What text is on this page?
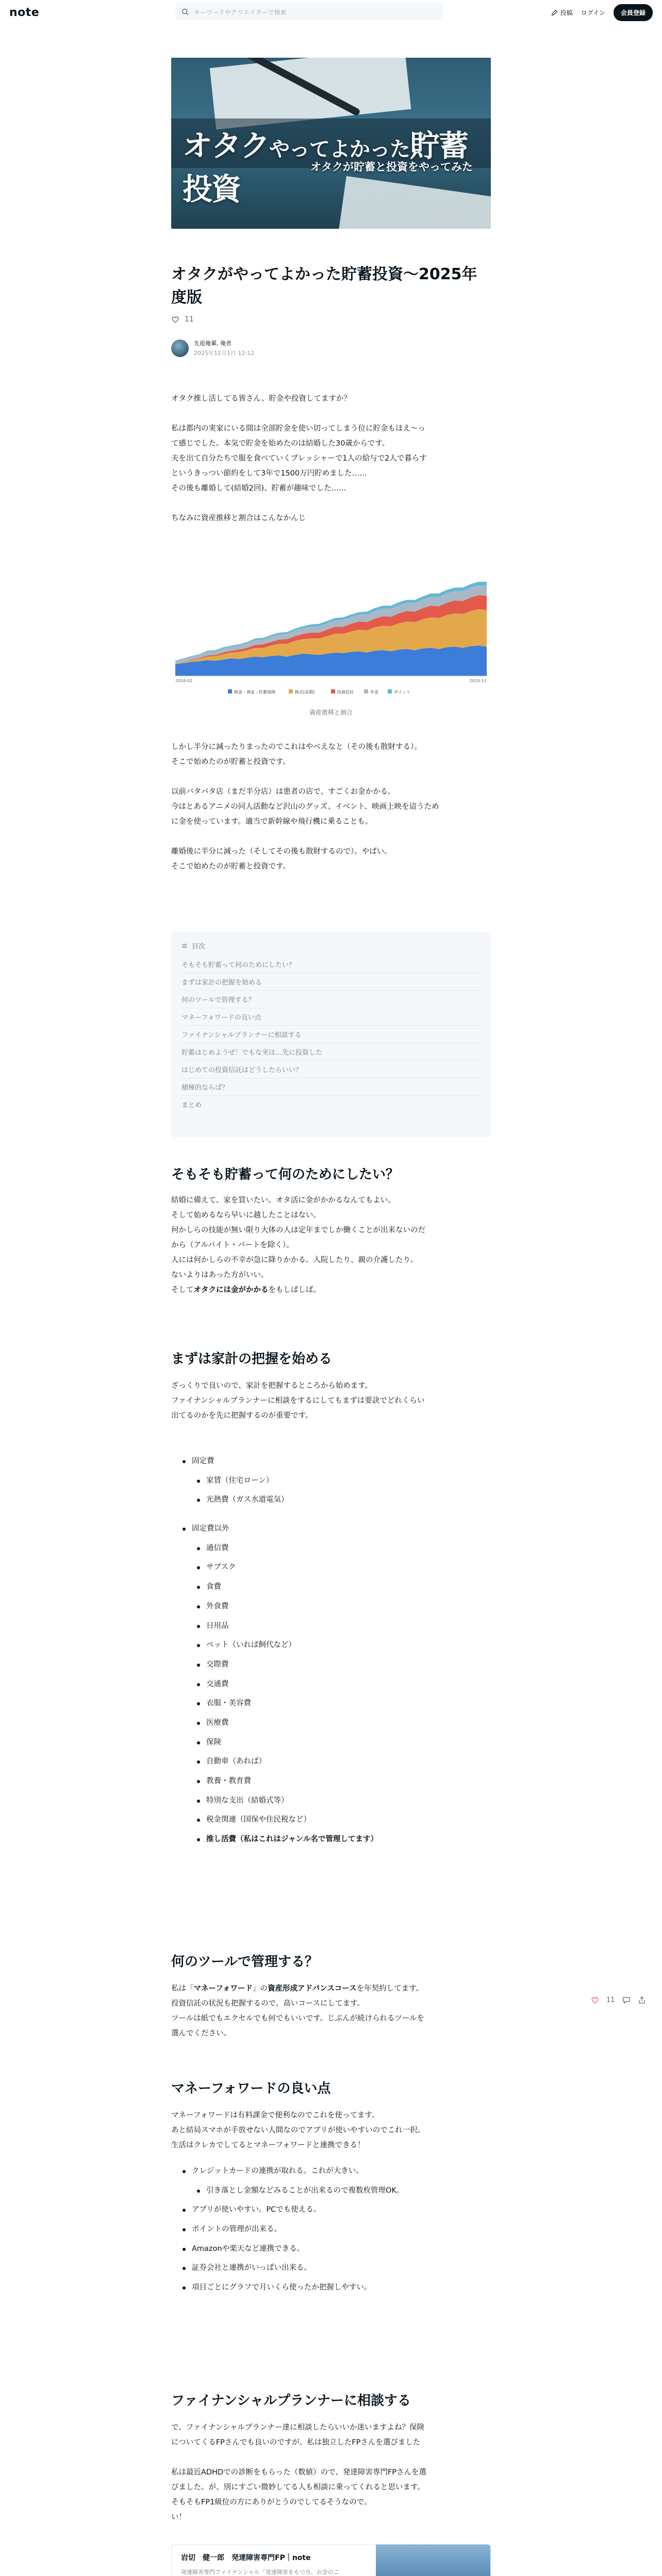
note	キーワードやクリエイターで検索	投稿 ログイン	会員登録
オタクやってよかった貯蓄投資
オタクが貯蓄と投資をやってみた
オタクがやってよかった貯蓄投資〜2025年度版
11
先祖俺輩, 俺者
2025年12月1日 12:12
オタク推し活してる皆さん、貯金や投資してますか？
私は都内の実家にいる間は全部貯金を使い切ってしまう位に貯金もほえ〜っ
て感じでした。本気で貯金を始めたのは結婚した30歳からです。
夫を出て自分たちで服を食べていくプレッシャーで1人の給与で2人で暮らす
というきっつい節約をして3年で1500万円貯めました……
その後も離婚して(結婚2回)、貯蓄が趣味でした……
ちなみに資産推移と割合はこんなかんじ
2016-01	2025-11
現金・預金・貯蓄保険	株式(長期)	投資信託	年金	ポイント
資産推移と割合
しかし半分に減ったりまったのでこれはやべえなと（その後も散財する）。
そこで始めたのが貯蓄と投資です。
以前バタバタ店（まだ半分店）は患者の店で、すごくお金かかる。
今はとあるアニメの同人活動など沢山のグッズ、イベント、映画上映を這うため
に金を使っています。適当で新幹線や飛行機に乗ることも。
離婚後に半分に減った（そしてその後も散財するので）。やばい。
そこで始めたのが貯蓄と投資です。
目次
そもそも貯蓄って何のためにしたい？
まずは家計の把握を始める
何のツールで管理する？
マネーフォワードの良い点
ファイナンシャルプランナーに相談する
貯蓄はじめようぜ！でもな実は…先に投資した
はじめての投資信託はどうしたらいい？
積極的ならば？
まとめ
そもそも貯蓄って何のためにしたい？
結婚に備えて、家を買いたい。オタ活に金がかかるなんてもよい。
そして始めるなら早いに越したことはない。
何かしらの技能が無い限り大体の人は定年までしか働くことが出来ないのだ
から（アルバイト・パートを除く）。
人には何かしらの不幸が急に降りかかる。入院したり、親の介護したり。
ないよりはあった方がいい。
そしてオタクには金がかかるをもしばしば。
まずは家計の把握を始める
ざっくりで良いので、家計を把握するところから始めます。
ファイナンシャルプランナーに相談をするにしてもまずは要訣でどれくらい
出てるのかを先に把握するのが重要です。
固定費
家賃（住宅ローン）
光熱費（ガス水道電気）
固定費以外
通信費
サブスク
食費
外食費
日用品
ペット（いれば飼代など）
交際費
交通費
衣服・美容費
医療費
保険
自動車（あれば）
教養・教育費
特別な支出（結婚式等）
税金関連（国保や住民税など）
推し活費（私はこれはジャンル名で管理してます）
何のツールで管理する？
私は「マネーフォワード」の資産形成アドバンスコースを年契約してます。
投資信託の状況も把握するので、高いコースにしてます。
ツールは紙でもエクセルでも何でもいいです。じぶんが続けられるツールを
選んでください。
11
マネーフォワードの良い点
マネーフォワードは有料課金で便利なのでこれを使ってます。
あと結局スマホが手放せない人間なのでアプリが使いやすいのでこれ一択。
生活はクレカでしてるとマネーフォワードと連携できる！
クレジットカードの連携が取れる。これが大きい。
引き落とし金額などみることが出来るので複数枚管理OK。
アプリが使いやすい。PCでも使える。
ポイントの管理が出来る。
Amazonや楽天など連携できる。
証券会社と連携がいっぱい出来る。
項目ごとにグラフで月いくら使ったか把握しやすい。
ファイナンシャルプランナーに相談する
で、ファイナンシャルプランナー達に相談したらいいか迷いますよね？保険
についてくるFPさんでも良いのですが、私は独立したFPさんを選びました
私は最近ADHDでの診断をもらった（数値）ので、発達障害専門FPさんを選
びました。が、別にすごい微妙してる人も相談に乗ってくれると思います。
そもそもFP1級位の方にありがとうのでしてるそうなので。
い！
岩切　健一郎　発達障害専門FP｜note
発達障害専門ファイナンシャル「発達障害をもつ方、お金のこ
